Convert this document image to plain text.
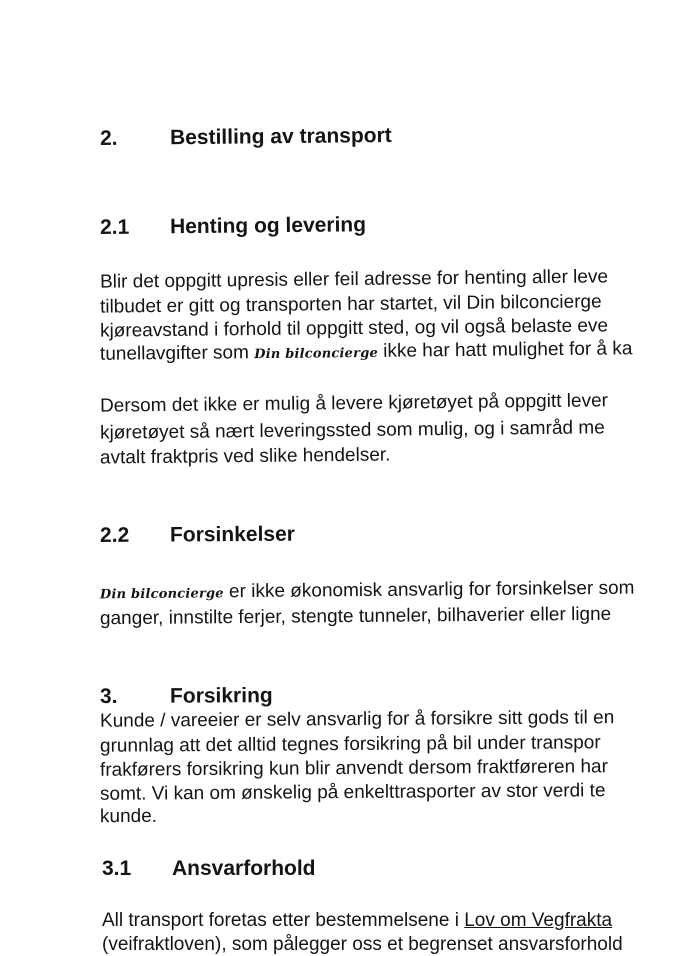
2. Bestilling av transport
2.1 Henting og levering
Blir det oppgitt upresis eller feil adresse for henting aller leve
tilbudet er gitt og transporten har startet, vil Din bilconcierge
kjøreavstand i forhold til oppgitt sted, og vil også belaste eve
tunellavgifter som Din bilconcierge ikke har hatt mulighet for å ka
Dersom det ikke er mulig å levere kjøretøyet på oppgitt lever
kjøretøyet så nært leveringssted som mulig, og i samråd me
avtalt fraktpris ved slike hendelser.
2.2 Forsinkelser
Din bilconcierge er ikke økonomisk ansvarlig for forsinkelser som
ganger, innstilte ferjer, stengte tunneler, bilhaverier eller ligne
3. Forsikring
Kunde / vareeier er selv ansvarlig for å forsikre sitt gods til en
grunnlag att det alltid tegnes forsikring på bil under transpor
frakførers forsikring kun blir anvendt dersom fraktføreren har
somt. Vi kan om ønskelig på enkelttrasporter av stor verdi te
kunde.
3.1 Ansvarforhold
All transport foretas etter bestemmelsene i Lov om Vegfrakta
(veifraktloven), som pålegger oss et begrenset ansvarsforhold
